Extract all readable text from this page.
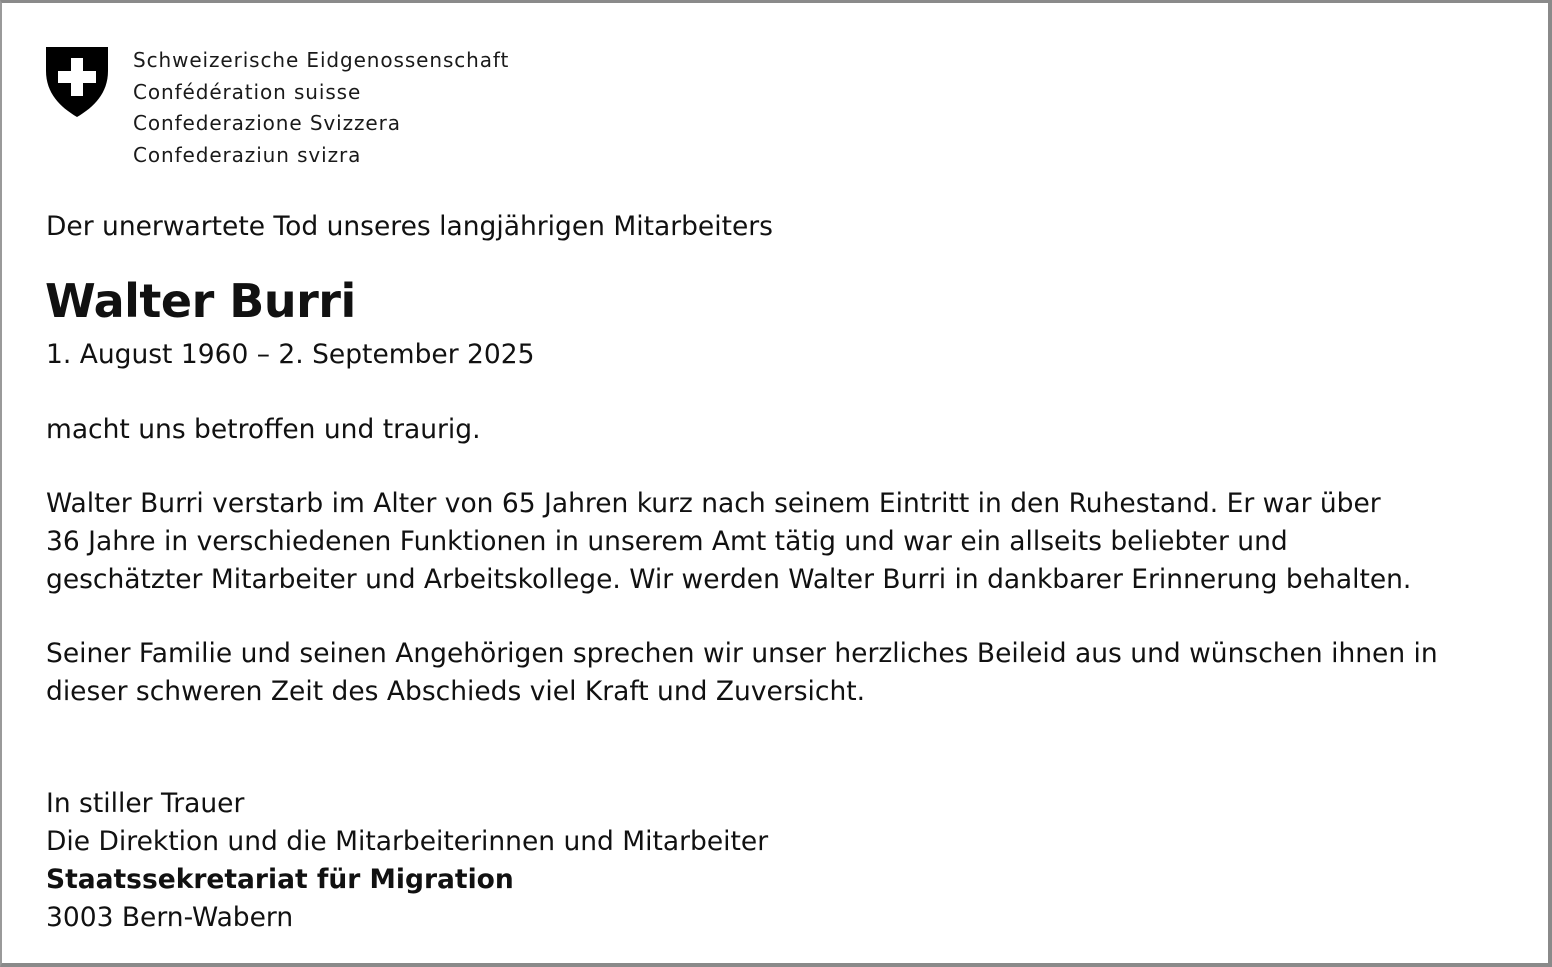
Schweizerische Eidgenossenschaft
Confédération suisse
Confederazione Svizzera
Confederaziun svizra
Der unerwartete Tod unseres langjährigen Mitarbeiters
Walter Burri
1. August 1960 – 2. September 2025
macht uns betroffen und traurig.
Walter Burri verstarb im Alter von 65 Jahren kurz nach seinem Eintritt in den Ruhestand. Er war über
36 Jahre in verschiedenen Funktionen in unserem Amt tätig und war ein allseits beliebter und
geschätzter Mitarbeiter und Arbeitskollege. Wir werden Walter Burri in dankbarer Erinnerung behalten.
Seiner Familie und seinen Angehörigen sprechen wir unser herzliches Beileid aus und wünschen ihnen in
dieser schweren Zeit des Abschieds viel Kraft und Zuversicht.
In stiller Trauer
Die Direktion und die Mitarbeiterinnen und Mitarbeiter
Staatssekretariat für Migration
3003 Bern-Wabern
